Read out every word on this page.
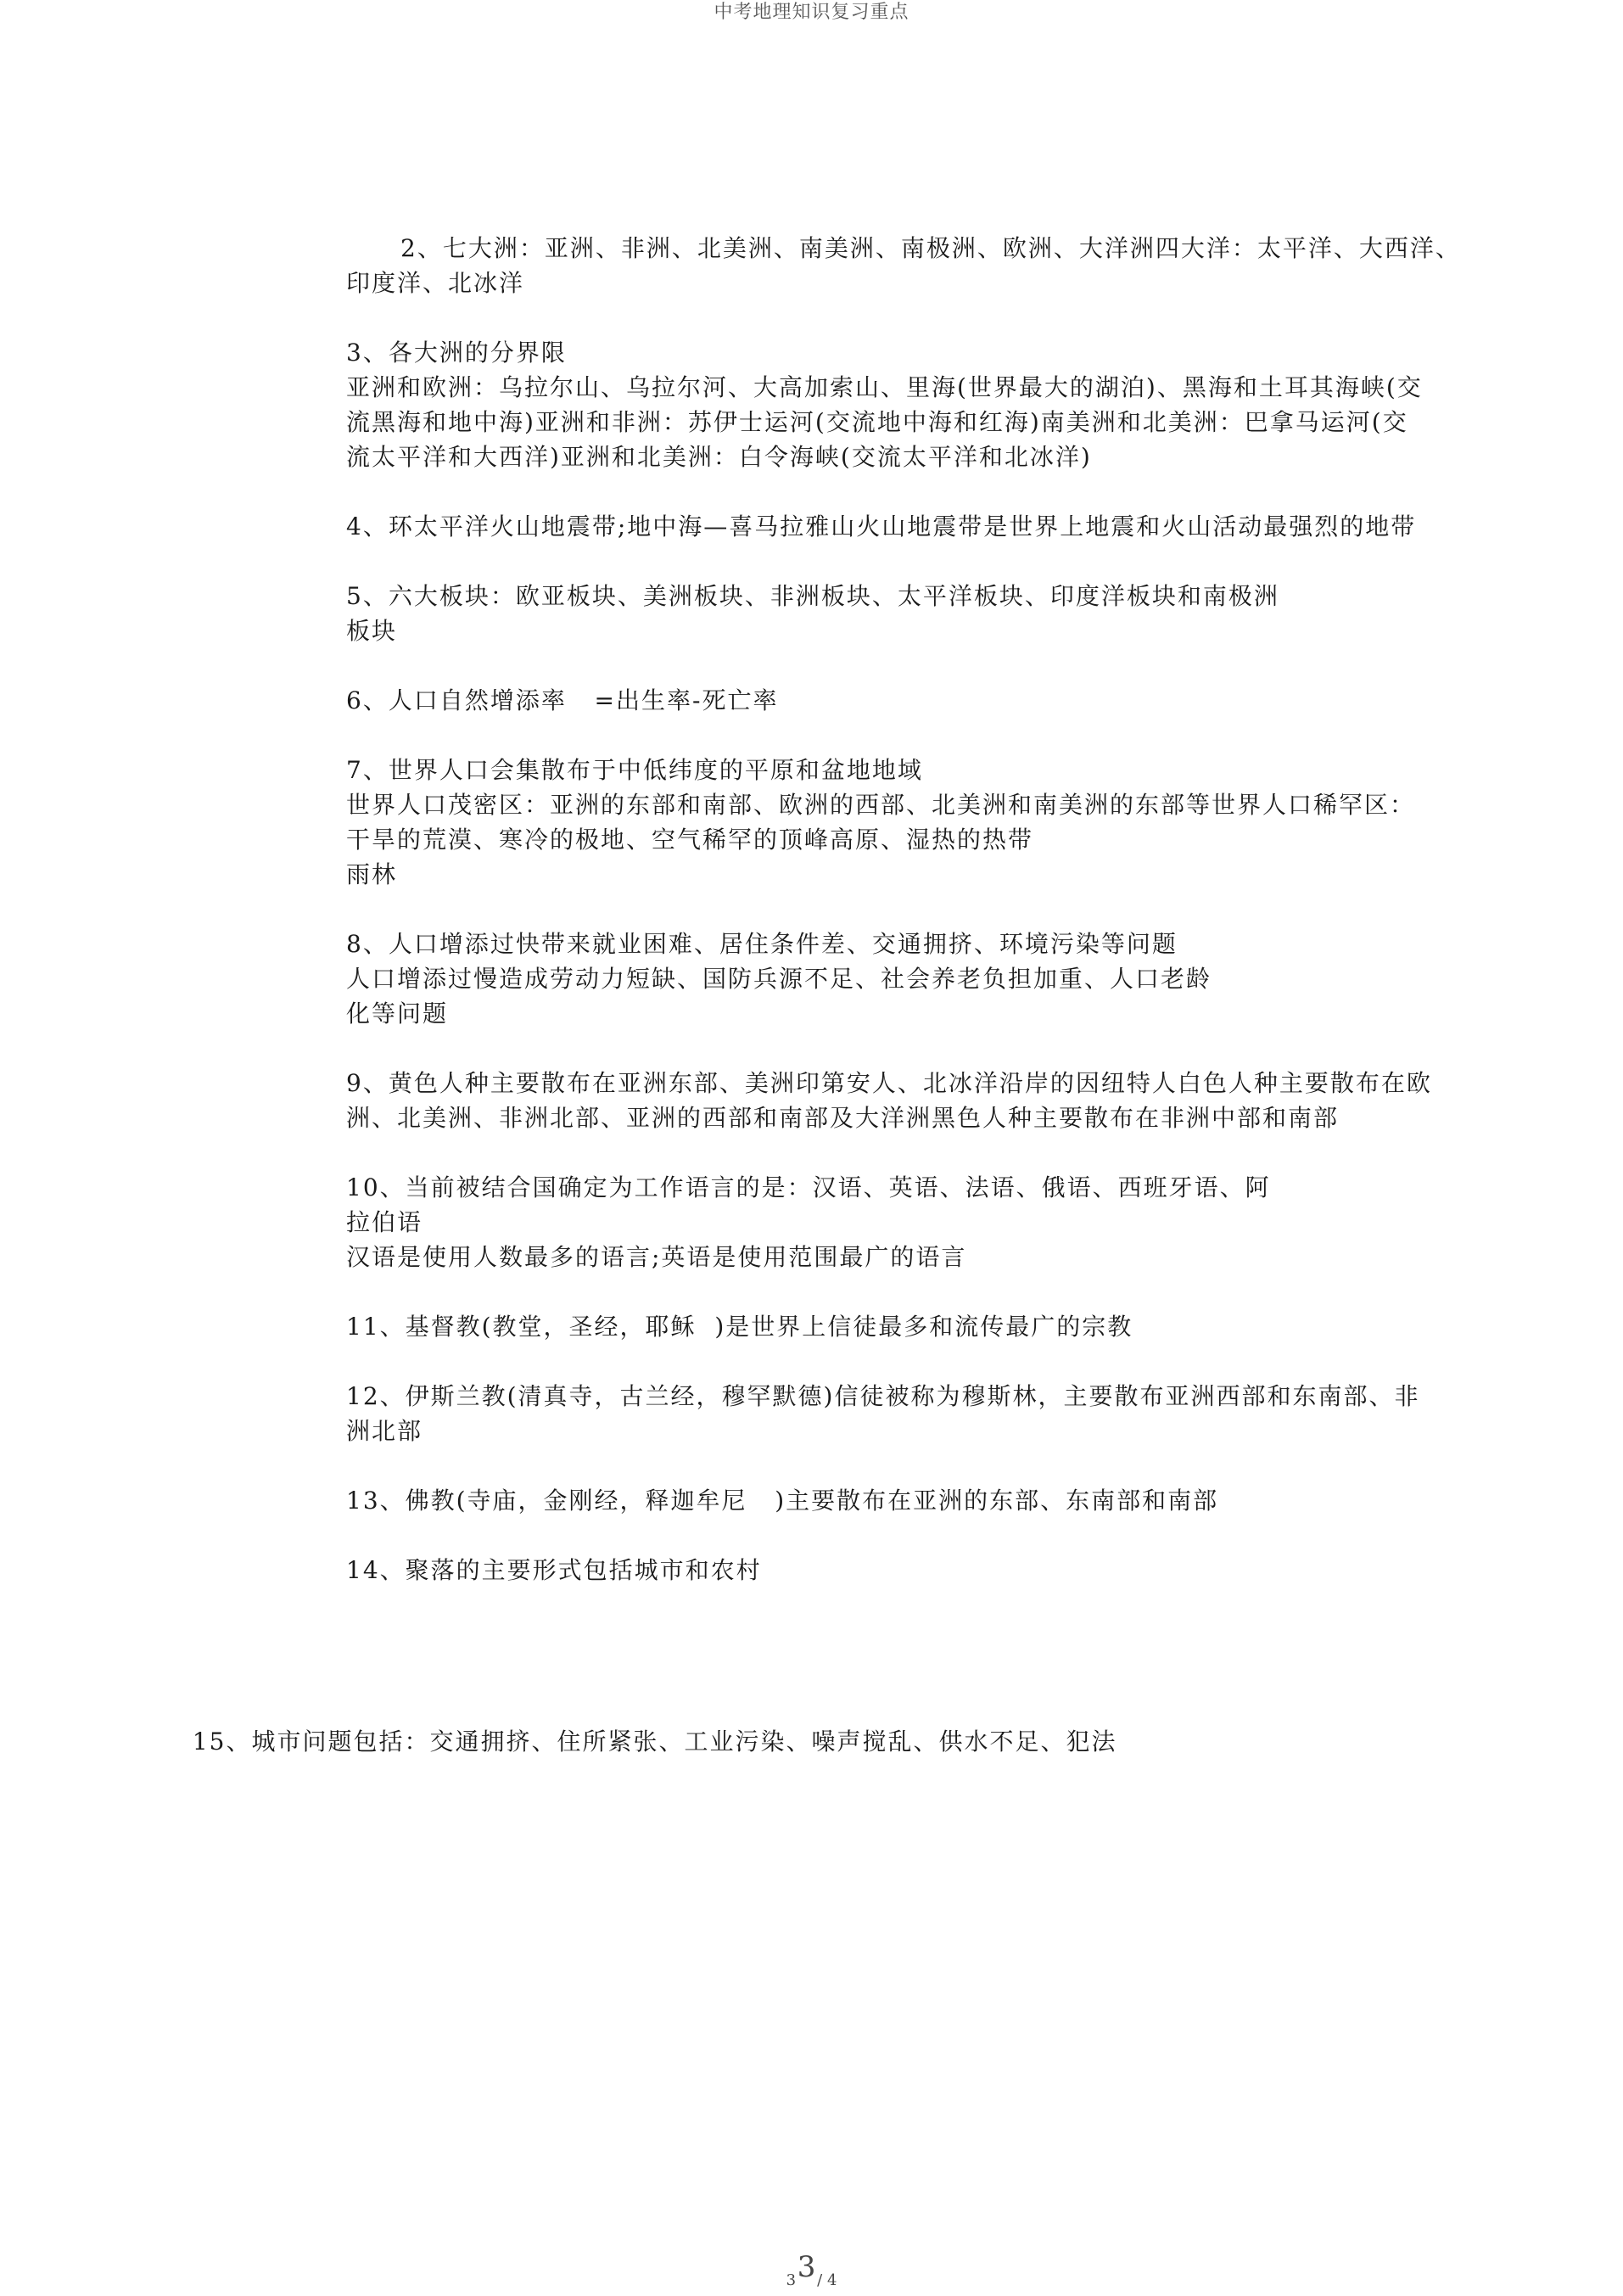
中考地理知识复习重点
2、七大洲：亚洲、非洲、北美洲、南美洲、南极洲、欧洲、大洋洲四大洋：太平洋、大西洋、
印度洋、北冰洋
3、各大洲的分界限
亚洲和欧洲：乌拉尔山、乌拉尔河、大高加索山、里海(世界最大的湖泊)、黑海和土耳其海峡(交
流黑海和地中海)亚洲和非洲：苏伊士运河(交流地中海和红海)南美洲和北美洲：巴拿马运河(交
流太平洋和大西洋)亚洲和北美洲：白令海峡(交流太平洋和北冰洋)
4、环太平洋火山地震带;地中海—喜马拉雅山火山地震带是世界上地震和火山活动最强烈的地带
5、六大板块：欧亚板块、美洲板块、非洲板块、太平洋板块、印度洋板块和南极洲
板块
6、人口自然增添率   =出生率-死亡率
7、世界人口会集散布于中低纬度的平原和盆地地域
世界人口茂密区：亚洲的东部和南部、欧洲的西部、北美洲和南美洲的东部等世界人口稀罕区：
干旱的荒漠、寒冷的极地、空气稀罕的顶峰高原、湿热的热带
雨林
8、人口增添过快带来就业困难、居住条件差、交通拥挤、环境污染等问题
人口增添过慢造成劳动力短缺、国防兵源不足、社会养老负担加重、人口老龄
化等问题
9、黄色人种主要散布在亚洲东部、美洲印第安人、北冰洋沿岸的因纽特人白色人种主要散布在欧
洲、北美洲、非洲北部、亚洲的西部和南部及大洋洲黑色人种主要散布在非洲中部和南部
10、当前被结合国确定为工作语言的是：汉语、英语、法语、俄语、西班牙语、阿
拉伯语
汉语是使用人数最多的语言;英语是使用范围最广的语言
11、基督教(教堂，圣经，耶稣  )是世界上信徒最多和流传最广的宗教
12、伊斯兰教(清真寺，古兰经，穆罕默德)信徒被称为穆斯林，主要散布亚洲西部和东南部、非
洲北部
13、佛教(寺庙，金刚经，释迦牟尼   )主要散布在亚洲的东部、东南部和南部
14、聚落的主要形式包括城市和农村

15、城市问题包括：交通拥挤、住所紧张、工业污染、噪声搅乱、供水不足、犯法

3 3 / 4
